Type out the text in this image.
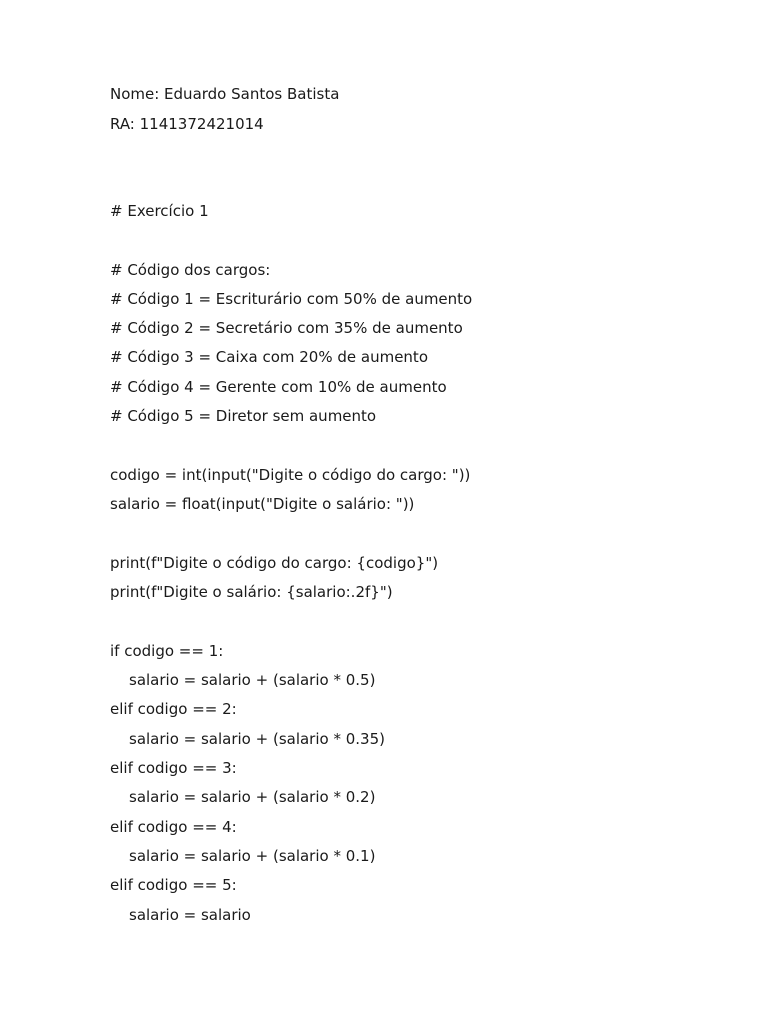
Nome: Eduardo Santos Batista
RA: 1141372421014
# Exercício 1
# Código dos cargos:
# Código 1 = Escriturário com 50% de aumento
# Código 2 = Secretário com 35% de aumento
# Código 3 = Caixa com 20% de aumento
# Código 4 = Gerente com 10% de aumento
# Código 5 = Diretor sem aumento
codigo = int(input("Digite o código do cargo: "))
salario = float(input("Digite o salário: "))
print(f"Digite o código do cargo: {codigo}")
print(f"Digite o salário: {salario:.2f}")
if codigo == 1:
salario = salario + (salario * 0.5)
elif codigo == 2:
salario = salario + (salario * 0.35)
elif codigo == 3:
salario = salario + (salario * 0.2)
elif codigo == 4:
salario = salario + (salario * 0.1)
elif codigo == 5:
salario = salario
